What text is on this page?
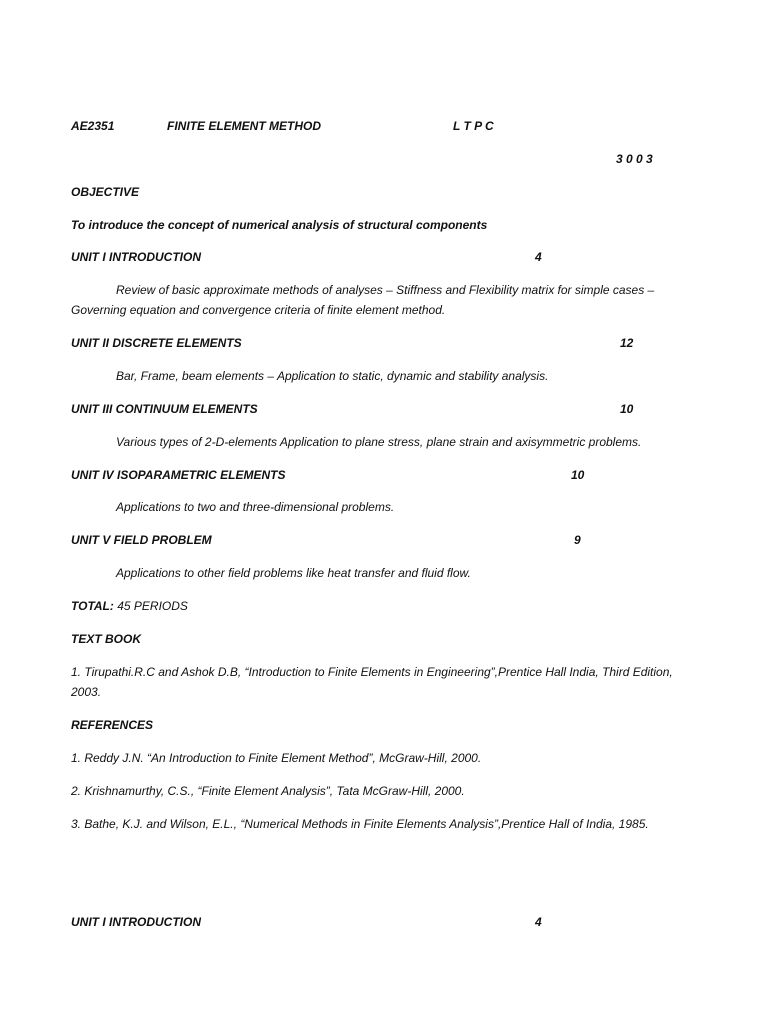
AE2351	FINITE ELEMENT METHOD	L T P C
3 0 0 3
OBJECTIVE
To introduce the concept of numerical analysis of structural components
UNIT I INTRODUCTION	4
Review of basic approximate methods of analyses – Stiffness and Flexibility matrix for simple cases – Governing equation and convergence criteria of finite element method.
UNIT II DISCRETE ELEMENTS	12
Bar, Frame, beam elements – Application to static, dynamic and stability analysis.
UNIT III CONTINUUM ELEMENTS	10
Various types of 2-D-elements Application to plane stress, plane strain and axisymmetric problems.
UNIT IV ISOPARAMETRIC ELEMENTS	10
Applications to two and three-dimensional problems.
UNIT V FIELD PROBLEM	9
Applications to other field problems like heat transfer and fluid flow.
TOTAL: 45 PERIODS
TEXT BOOK
1. Tirupathi.R.C and Ashok D.B, “Introduction to Finite Elements in Engineering”,Prentice Hall India, Third Edition, 2003.
REFERENCES
1. Reddy J.N. “An Introduction to Finite Element Method”, McGraw-Hill, 2000.
2. Krishnamurthy, C.S., “Finite Element Analysis”, Tata McGraw-Hill, 2000.
3. Bathe, K.J. and Wilson, E.L., “Numerical Methods in Finite Elements Analysis”,Prentice Hall of India, 1985.
UNIT I INTRODUCTION	4
